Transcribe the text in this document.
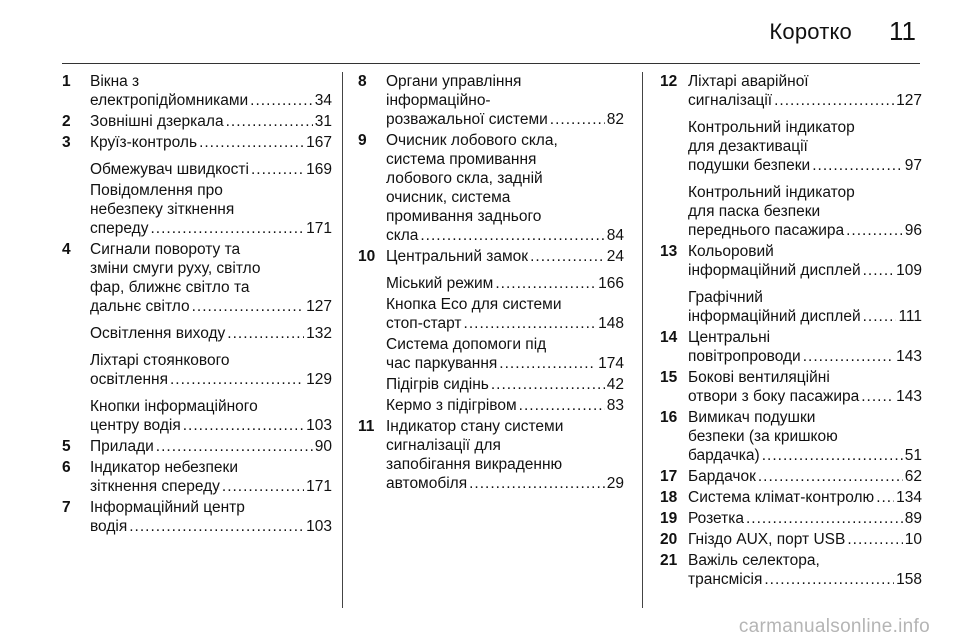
Коротко 11
1	Вікна з
електропідйомниками .....	34
2	Зовнішні дзеркала .....	31
3	Круїз-контроль .....	167
Обмежувач швидкості .....	169
Повідомлення про
небезпеку зіткнення
спереду .....	171
4	Сигнали повороту та
зміни смуги руху, світло
фар, ближнє світло та
дальнє світло .....	127
Освітлення виходу .....	132
Ліхтарі стоянкового
освітлення .....	129
Кнопки інформаційного
центру водія .....	103
5	Прилади .....	90
6	Індикатор небезпеки
зіткнення спереду .....	171
7	Інформаційний центр
водія .....	103
8	Органи управління
інформаційно-
розважальної системи .....	82
9	Очисник лобового скла,
система промивання
лобового скла, задній
очисник, система
промивання заднього
скла .....	84
10 Центральний замок .....	24
Міський режим .....	166
Кнопка Eco для системи
стоп-старт .....	148
Система допомоги під
час паркування .....	174
Підігрів сидінь .....	42
Кермо з підігрівом .....	83
11 Індикатор стану системи
сигналізації для
запобігання викраденню
автомобіля .....	29
12 Ліхтарі аварійної
сигналізації .....	127
Контрольний індикатор
для дезактивації
подушки безпеки .....	97
Контрольний індикатор
для паска безпеки
переднього пасажира .....	96
13 Кольоровий
інформаційний дисплей ..... 109
Графічний
інформаційний дисплей ..... 111
14 Центральні
повітропроводи .....	143
15 Бокові вентиляційні
отвори з боку пасажира ..... 143
16 Вимикач подушки
безпеки (за кришкою
бардачка) .....	51
17 Бардачок .....	62
18 Система клімат-контролю ..... 134
19 Розетка .....	89
20 Гніздо AUX, порт USB .....	10
21 Важіль селектора,
трансмісія .....	158
carmanualsonline.info
